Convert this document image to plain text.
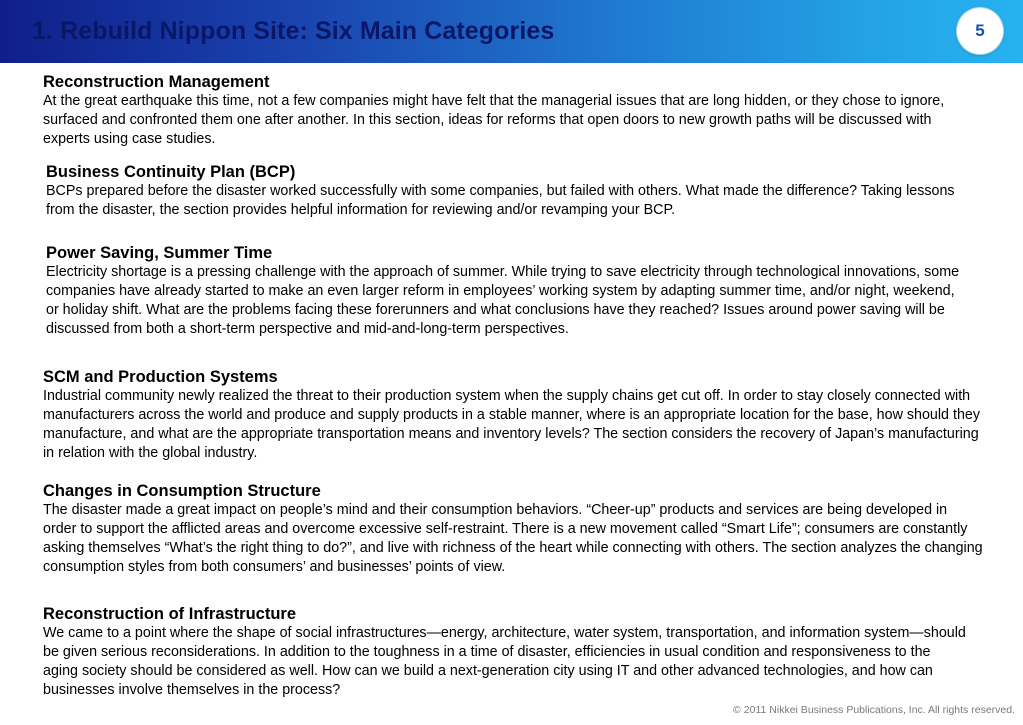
1. Rebuild Nippon Site: Six Main Categories	5
Reconstruction Management

At the great earthquake this time, not a few companies might have felt that the managerial issues that are long hidden, or they chose to ignore, surfaced and confronted them one after another. In this section, ideas for reforms that open doors to new growth paths will be discussed with experts using case studies.

Business Continuity Plan (BCP)

BCPs prepared before the disaster worked successfully with some companies, but failed with others. What made the difference? Taking lessons from the disaster, the section provides helpful information for reviewing and/or revamping your BCP.

Power Saving, Summer Time

Electricity shortage is a pressing challenge with the approach of summer. While trying to save electricity through technological innovations, some companies have already started to make an even larger reform in employees’ working system by adapting summer time, and/or night, weekend, or holiday shift. What are the problems facing these forerunners and what conclusions have they reached? Issues around power saving will be discussed from both a short-term perspective and mid-and-long-term perspectives.

SCM and Production Systems

Industrial community newly realized the threat to their production system when the supply chains get cut off. In order to stay closely connected with manufacturers across the world and produce and supply products in a stable manner, where is an appropriate location for the base, how should they manufacture, and what are the appropriate transportation means and inventory levels? The section considers the recovery of Japan’s manufacturing in relation with the global industry.

Changes in Consumption Structure

The disaster made a great impact on people’s mind and their consumption behaviors. “Cheer-up” products and services are being developed in order to support the afflicted areas and overcome excessive self-restraint. There is a new movement called “Smart Life”; consumers are constantly asking themselves “What’s the right thing to do?”, and live with richness of the heart while connecting with others. The section analyzes the changing consumption styles from both consumers’ and businesses’ points of view.

Reconstruction of Infrastructure

We came to a point where the shape of social infrastructures—energy, architecture, water system, transportation, and information system—should be given serious reconsiderations. In addition to the toughness in a time of disaster, efficiencies in usual condition and responsiveness to the aging society should be considered as well. How can we build a next-generation city using IT and other advanced technologies, and how can businesses involve themselves in the process?

© 2011 Nikkei Business Publications, Inc. All rights reserved.
